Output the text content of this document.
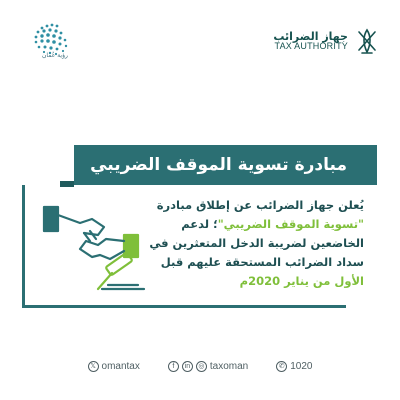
رؤية عُمان
جهاز الضرائب
TAX AUTHORITY
مبادرة تسوية الموقف الضريبي
يُعلن جهاز الضرائب عن إطلاق مبادرة
"تسوية الموقف الضريبي"؛ لدعم
الخاضعين لضريبة الدخل المتعثرين في
سداد الضرائب المستحقة عليهم قبل
الأول من يناير 2020م
𝕏 omantax	f	in	◎ taxoman	✆ 1020
